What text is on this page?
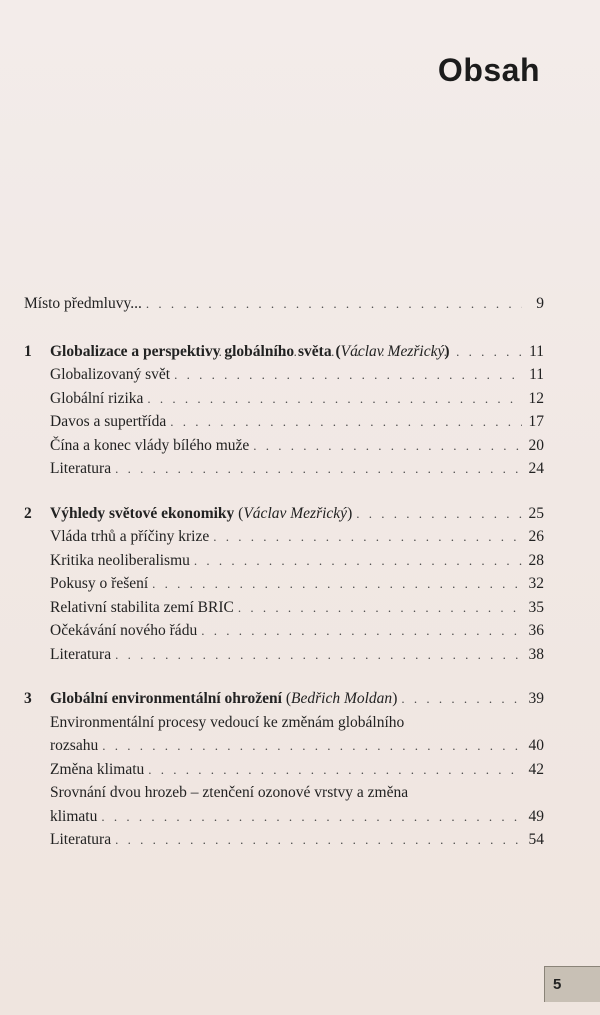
Obsah
Místo předmluvy... . . .	9
1	Globalizace a perspektivy globálního světa (Václav Mezřický) . . .	11
Globalizovaný svět . . .	11
Globální rizika . . .	12
Davos a supertřída . . .	17
Čína a konec vlády bílého muže . . .	20
Literatura . . .	24
2	Výhledy světové ekonomiky (Václav Mezřický) . . .	25
Vláda trhů a příčiny krize . . .	26
Kritika neoliberalismu . . .	28
Pokusy o řešení . . .	32
Relativní stabilita zemí BRIC . . .	35
Očekávání nového řádu . . .	36
Literatura . . .	38
3	Globální environmentální ohrožení (Bedřich Moldan) . . .	39
Environmentální procesy vedoucí ke změnám globálního
rozsahu . . .	40
Změna klimatu . . .	42
Srovnání dvou hrozeb – ztenčení ozonové vrstvy a změna
klimatu . . .	49
Literatura . . .	54
5
